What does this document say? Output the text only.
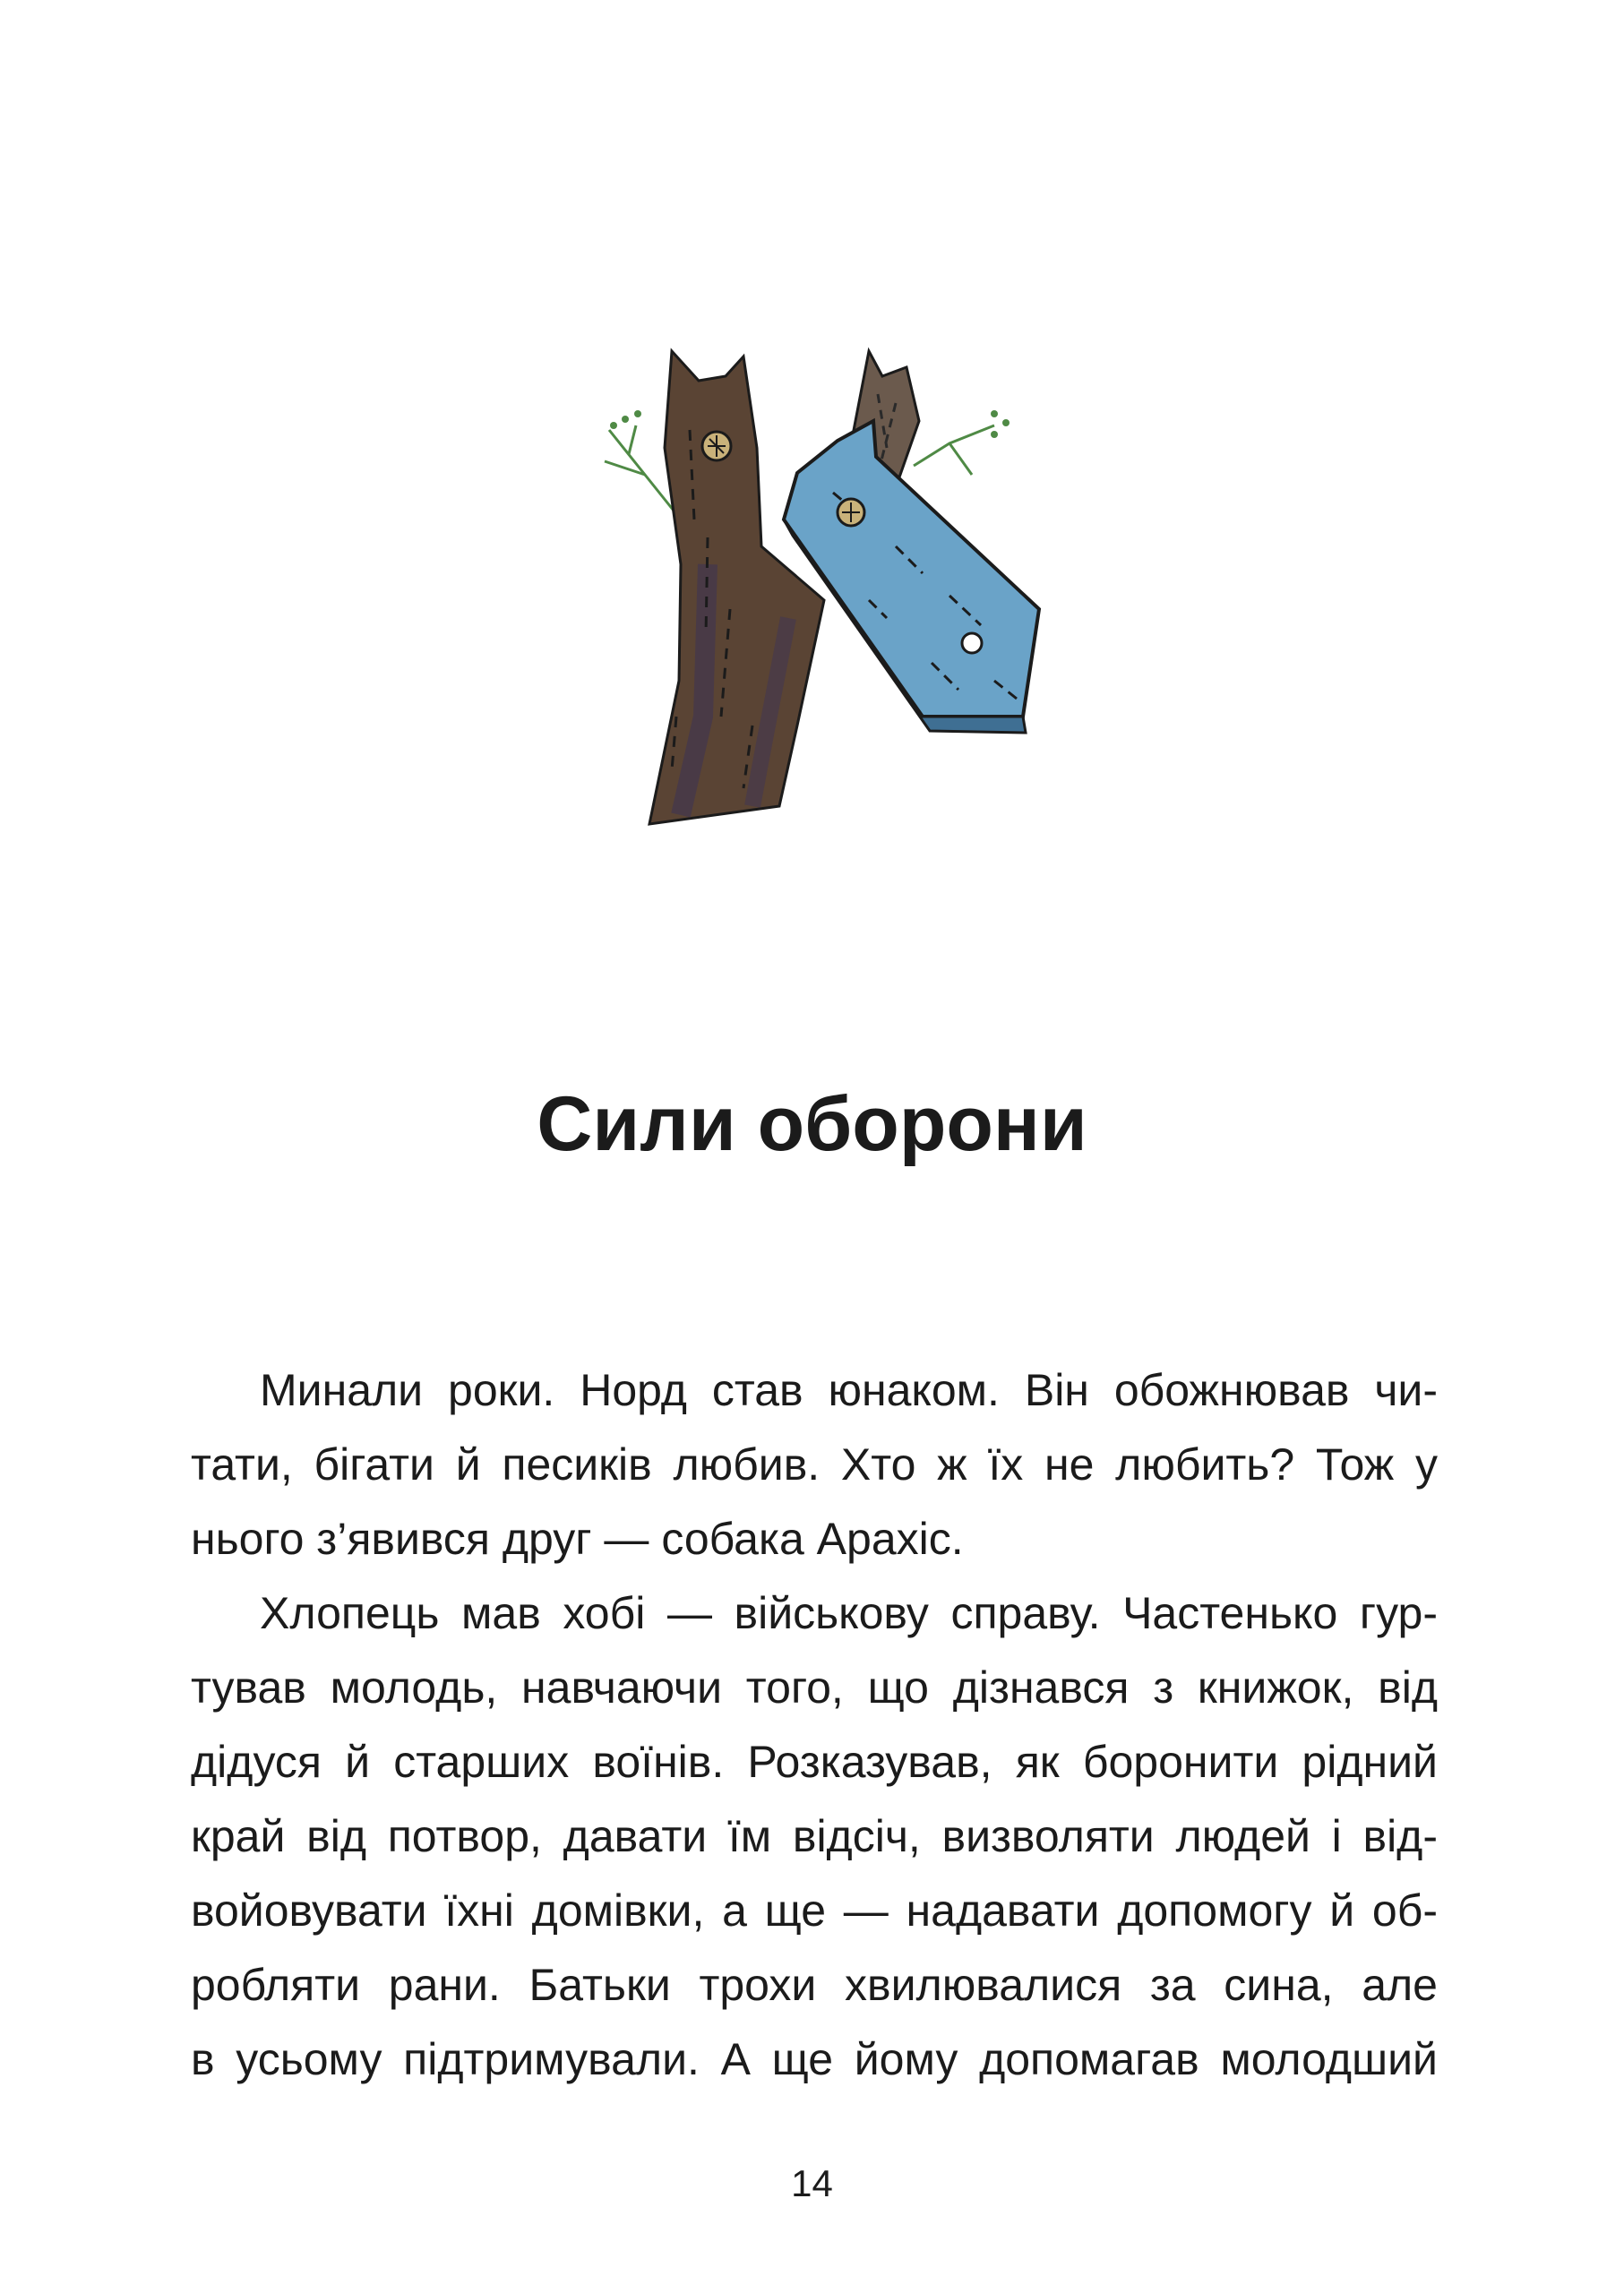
Сили оборони
Минали роки. Норд став юнаком. Він обожнював чи-
тати, бігати й песиків любив. Хто ж їх не любить? Тож у
нього з’явився друг — собака Арахіс.
Хлопець мав хобі — військову справу. Частенько гур-
тував молодь, навчаючи того, що дізнався з книжок, від
дідуся й старших воїнів. Розказував, як боронити рідний
край від потвор, давати їм відсіч, визволяти людей і від-
войовувати їхні домівки, а ще — надавати допомогу й об-
робляти рани. Батьки трохи хвилювалися за сина, але
в усьому підтримували. А ще йому допомагав молодший
14
